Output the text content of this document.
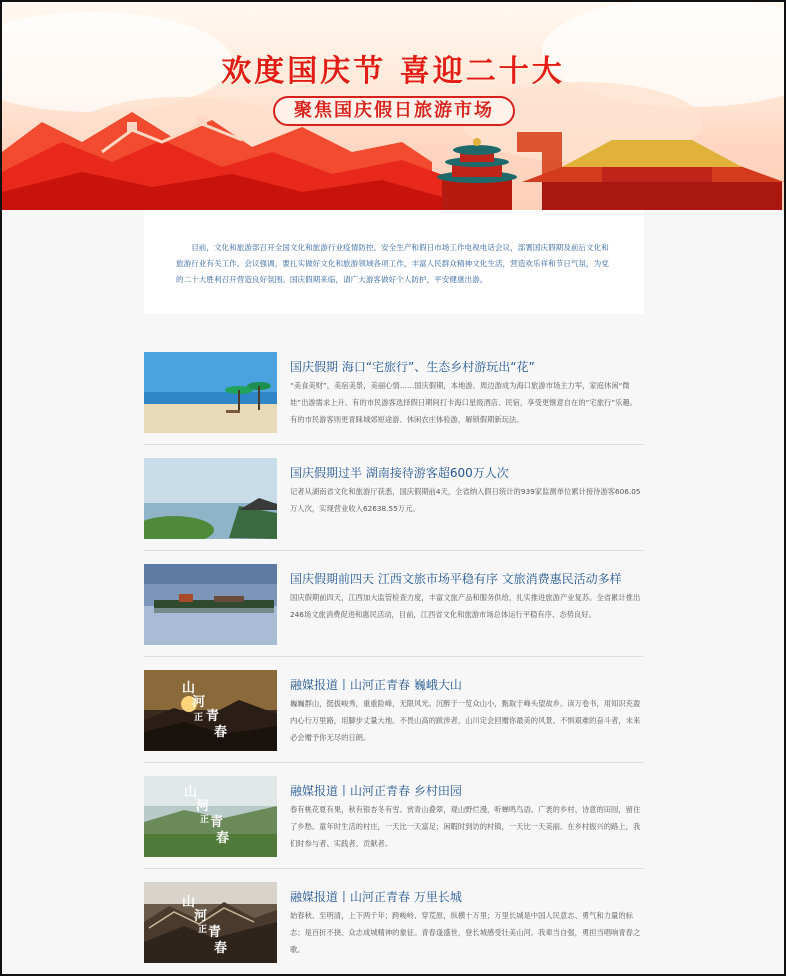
欢度国庆节 喜迎二十大
聚焦国庆假日旅游市场

目前，文化和旅游部召开全国文化和旅游行业疫情防控、安全生产和假日市场工作电视电话会议，部署国庆假期及前后文化和旅游行业有关工作。会议强调，要扎实做好文化和旅游领域各项工作，丰富人民群众精神文化生活，营造欢乐祥和节日气氛，为党的二十大胜利召开营造良好氛围。国庆假期来临，请广大游客做好个人防护，平安健康出游。

国庆假期 海口“宅旅行”、生态乡村游玩出“花”
“美食美财”，美宿美景，美丽心情……国庆假期，本地游、周边游成为海口旅游市场主力军，家庭休闲“微娃”出游需求上升。有的市民游客选择假日期间打卡海口星级酒店、民宿，享受更惬意自在的“宅旅行”乐趣。有的市民游客则更青睐城郊短途游、休闲农庄体验游，解锁假期新玩法。
国庆假期过半 湖南接待游客超600万人次
记者从湖南省文化和旅游厅获悉，国庆假期前4天，全省纳入假日统计的939家监测单位累计接待游客606.05万人次，实现营业收入62638.55万元。
国庆假期前四天 江西文旅市场平稳有序 文旅消费惠民活动多样
国庆假期前四天，江西加大监管检查力度，丰富文旅产品和服务供给，扎实推进旅游产业复苏。全省累计推出246场文旅消费促进和惠民活动，目前，江西省文化和旅游市场总体运行平稳有序、态势良好。
山
河
正 青
春
融媒报道丨山河正青春 巍峨大山
巍巍群山，挺拔峻秀，重重险峰，无限风光。沉醉于一览众山小，甄取于峰头望故乡。读万卷书，用知识充盈内心行万里路，用脚步丈量大地。不畏山高的跋涉者，山川定会回赠你最美的风景。不惧艰难的奋斗者，未来必会赠予你无尽的日朗。
山
河
正 青
春
融媒报道丨山河正青春 乡村田园
春有桃花夏有果，秋有银杏冬有雪。赏青山叠翠，观山野烂漫，听蝉鸣鸟语。广袤的乡村、诗意的田园，留住了乡愁。童年时生活的村庄，一天比一天富足；闲暇时到访的村镇，一天比一天美丽。在乡村振兴的路上，我们时参与者、实践者、贡献者。
山
河
正 青
春
融媒报道丨山河正青春 万里长城
始春秋、至明清，上下两千年；跨峻岭、穿荒原，纵横十万里；万里长城是中国人民意志、勇气和力量的标志；是百折不挠、众志成城精神的象征。青春逢盛世，登长城感受壮美山河。我辈当自强，勇担当唱响青春之歌。
